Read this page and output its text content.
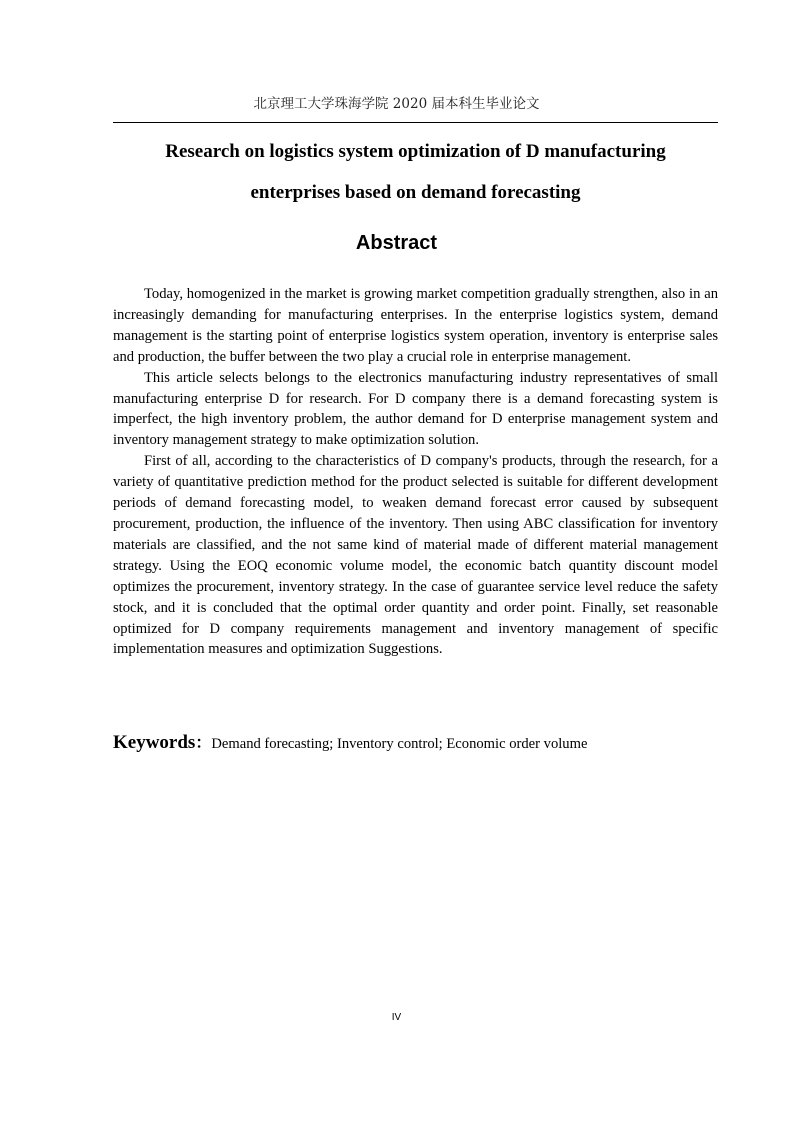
北京理工大学珠海学院 2020 届本科生毕业论文
Research on logistics system optimization of D manufacturing
enterprises based on demand forecasting
Abstract

Today, homogenized in the market is growing market competition gradually strengthen, also in an increasingly demanding for manufacturing enterprises. In the enterprise logistics system, demand management is the starting point of enterprise logistics system operation, inventory is enterprise sales and production, the buffer between the two play a crucial role in enterprise management.

This article selects belongs to the electronics manufacturing industry representatives of small manufacturing enterprise D for research. For D company there is a demand forecasting system is imperfect, the high inventory problem, the author demand for D enterprise management system and inventory management strategy to make optimization solution.

First of all, according to the characteristics of D company's products, through the research, for a variety of quantitative prediction method for the product selected is suitable for different development periods of demand forecasting model, to weaken demand forecast error caused by subsequent procurement, production, the influence of the inventory. Then using ABC classification for inventory materials are classified, and the not same kind of material made of different material management strategy. Using the EOQ economic volume model, the economic batch quantity discount model optimizes the procurement, inventory strategy. In the case of guarantee service level reduce the safety stock, and it is concluded that the optimal order quantity and order point. Finally, set reasonable optimized for D company requirements management and inventory management of specific implementation measures and optimization Suggestions.

Keywords：Demand forecasting; Inventory control; Economic order volume
IV
